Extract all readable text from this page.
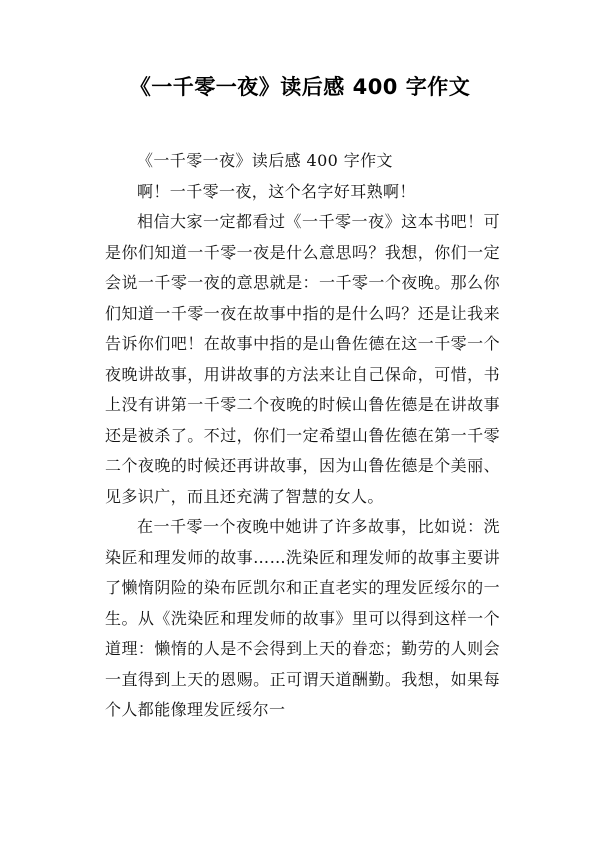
《一千零一夜》读后感 400 字作文

《一千零一夜》读后感 400 字作文

啊！一千零一夜，这个名字好耳熟啊！

相信大家一定都看过《一千零一夜》这本书吧！可是你们知道一千零一夜是什么意思吗？我想，你们一定会说一千零一夜的意思就是：一千零一个夜晚。那么你们知道一千零一夜在故事中指的是什么吗？还是让我来告诉你们吧！在故事中指的是山鲁佐德在这一千零一个夜晚讲故事，用讲故事的方法来让自己保命，可惜，书上没有讲第一千零二个夜晚的时候山鲁佐德是在讲故事还是被杀了。不过，你们一定希望山鲁佐德在第一千零二个夜晚的时候还再讲故事，因为山鲁佐德是个美丽、见多识广，而且还充满了智慧的女人。

在一千零一个夜晚中她讲了许多故事，比如说：洗染匠和理发师的故事……洗染匠和理发师的故事主要讲了懒惰阴险的染布匠凯尔和正直老实的理发匠绥尔的一生。从《洗染匠和理发师的故事》里可以得到这样一个道理：懒惰的人是不会得到上天的眷恋；勤劳的人则会一直得到上天的恩赐。正可谓天道酬勤。我想，如果每个人都能像理发匠绥尔一
